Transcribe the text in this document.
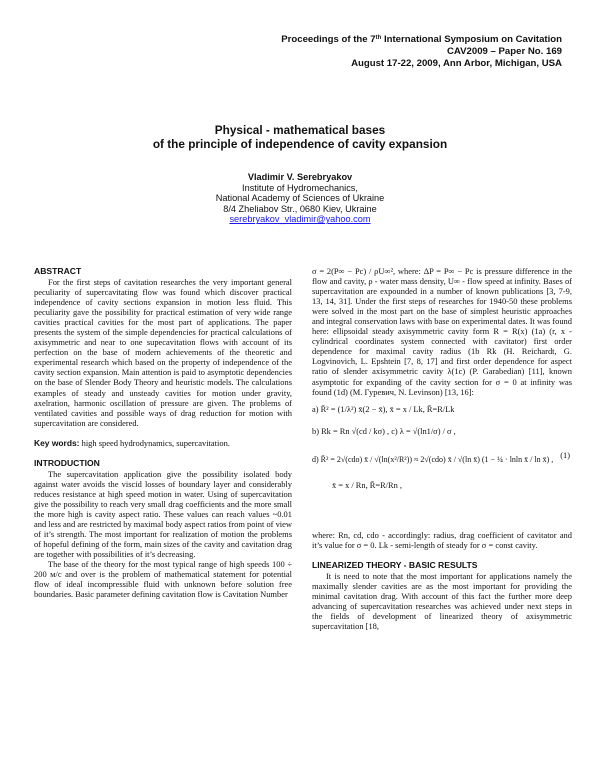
Proceedings of the 7th International Symposium on Cavitation
CAV2009 – Paper No. 169
August 17-22, 2009, Ann Arbor, Michigan, USA
Physical - mathematical bases
of the principle of independence of cavity expansion
Vladimir V. Serebryakov
Institute of Hydromechanics,
National Academy of Sciences of Ukraine
8/4 Zheliabov Str., 0680 Kiev, Ukraine
serebryakov_vladimir@yahoo.com
ABSTRACT

For the first steps of cavitation researches the very important general peculiarity of supercavitating flow was found which discover practical independence of cavity sections expansion in motion less fluid. This peculiarity gave the possibility for practical estimation of very wide range cavities practical cavities for the most part of applications. The paper presents the system of the simple dependencies for practical calculations of axisymmetric and near to one supecavitation flows with account of its perfection on the base of modern achievements of the theoretic and experimental research which based on the property of independence of the cavity section expansion. Main attention is paid to asymptotic dependencies on the base of Slender Body Theory and heuristic models. The calculations examples of steady and unsteady cavities for motion under gravity, axelration, harmonic oscillation of pressure are given. The problems of ventilated cavities and possible ways of drag reduction for motion with supercavitation are considered.

Key words: high speed hydrodynamics, supercavitation.

INTRODUCTION

The supercavitation application give the possibility isolated body against water avoids the viscid losses of boundary layer and considerably reduces resistance at high speed motion in water. Using of supercavitation give the possibility to reach very small drag coefficients and the more small the more high is cavity aspect ratio. These values can reach values ~0.01 and less and are restricted by maximal body aspect ratios from point of view of it’s strength. The most important for realization of motion the problems of hopeful defining of the form, main sizes of the cavity and cavitation drag are together with possibilities of it’s decreasing.

The base of the theory for the most typical range of high speeds 100 ÷ 200 м/с and over is the problem of mathematical statement for potential flow of ideal incompressible fluid with unknown before solution free boundaries. Basic parameter defining cavitation flow is Cavitation Number

σ = 2(P∞ − Pc) / ρU∞², where: ΔP = P∞ − Pc is pressure difference in the flow and cavity, ρ - water mass density, U∞ - flow speed at infinity. Bases of supercavitation are expounded in a number of known publications [3, 7-9, 13, 14, 31]. Under the first steps of researches for 1940-50 these problems were solved in the most part on the base of simplest heuristic approaches and integral conservation laws with base on experimental dates. It was found here: ellipsoidal steady axisymmetric cavity form R = R(x) (1a) (r, x - cylindrical coordinates system connected with cavitator) first order dependence for maximal cavity radius (1b Rk (H. Reichardt, G. Logvinovich, L. Epshtein [7, 8, 17] and first order dependence for aspect ratio of slender axisymmetric cavity λ(1c) (P. Garabedian) [11], known asymptotic for expanding of the cavity section for σ = 0 at infinity was found (1d) (М. Гуревич, N. Levinson) [13, 16]:

a) R̄² = (1/λ²) x̄(2 − x̄), x̄ = x / Lk, R̄=R/Lk
b) Rk = Rn √(cd / kσ) , c) λ = √(ln1/σ) / σ ,
d) R̄² = 2√(cdo) x̄ / √(ln(x²/R²)) ≈ 2√(cdo) x̄ / √(ln x̄) (1 − ¼ · lnln x̄ / ln x̄) ,
x̄ = x / Rn, R̄=R/Rn ,
(1)

where: Rn, cd, cdo - accordingly: radius, drag coefficient of cavitator and it’s value for σ = 0. Lk - semi-length of steady for σ = const cavity.

LINEARIZED THEORY - BASIC RESULTS

It is need to note that the most important for applications namely the maximally slender cavities are as the most important for providing the minimal cavitation drag. With account of this fact the further more deep advancing of supercavitation researches was achieved under next steps in the fields of development of linearized theory of axisymmetric supercavitation [18,
